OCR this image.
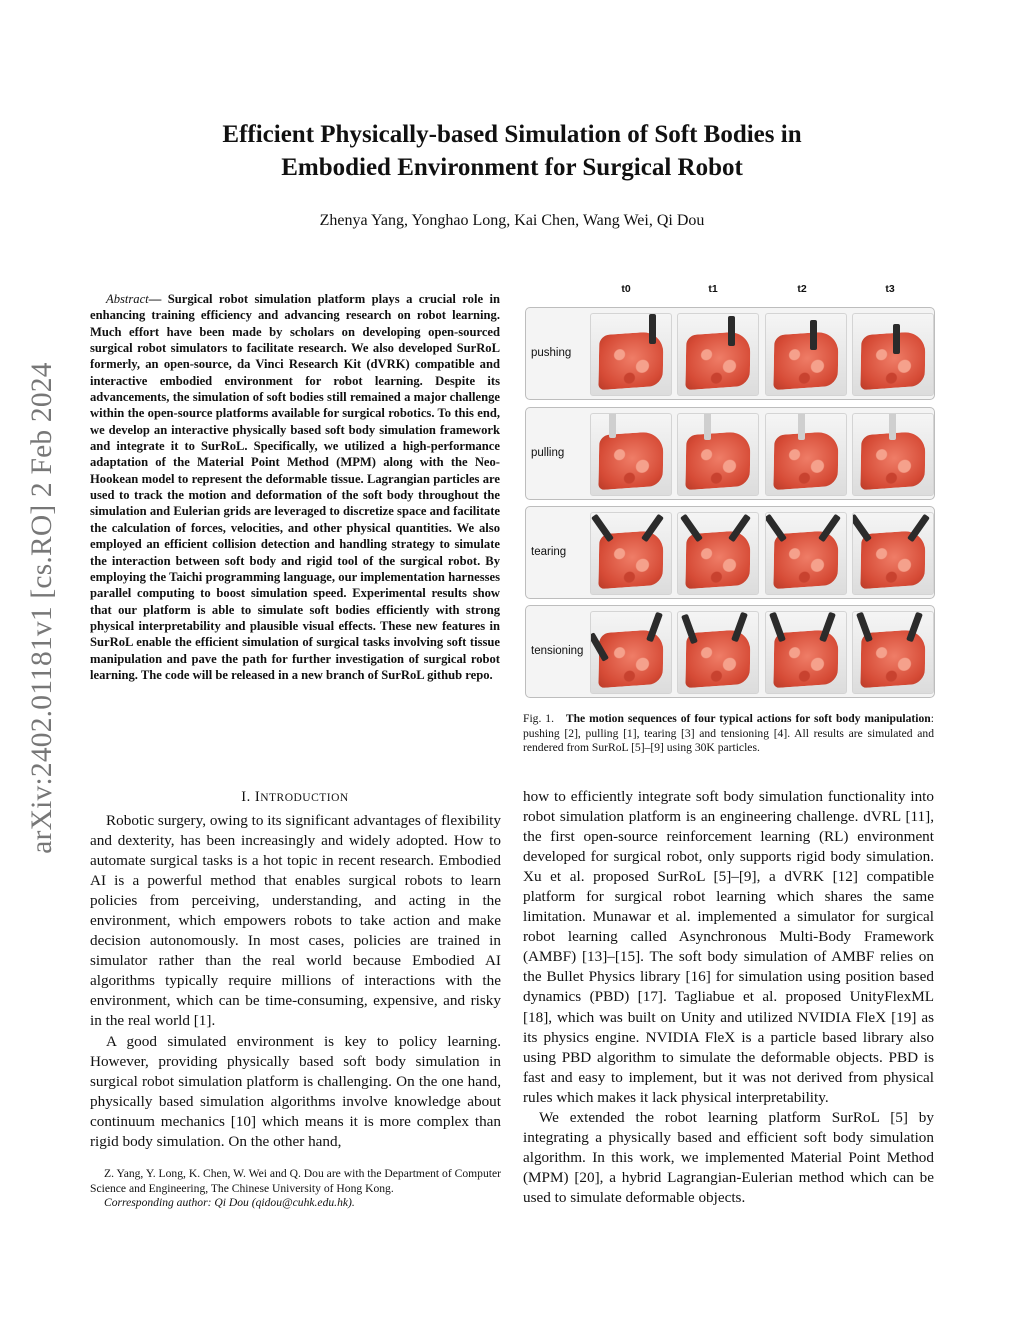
arXiv:2402.01181v1 [cs.RO] 2 Feb 2024
Efficient Physically-based Simulation of Soft Bodies in
Embodied Environment for Surgical Robot
Zhenya Yang, Yonghao Long, Kai Chen, Wang Wei, Qi Dou
Abstract— Surgical robot simulation platform plays a crucial role in enhancing training efficiency and advancing research on robot learning. Much effort have been made by scholars on developing open-sourced surgical robot simulators to facilitate research. We also developed SurRoL formerly, an open-source, da Vinci Research Kit (dVRK) compatible and interactive embodied environment for robot learning. Despite its advancements, the simulation of soft bodies still remained a major challenge within the open-source platforms available for surgical robotics. To this end, we develop an interactive physically based soft body simulation framework and integrate it to SurRoL. Specifically, we utilized a high-performance adaptation of the Material Point Method (MPM) along with the Neo-Hookean model to represent the deformable tissue. Lagrangian particles are used to track the motion and deformation of the soft body throughout the simulation and Eulerian grids are leveraged to discretize space and facilitate the calculation of forces, velocities, and other physical quantities. We also employed an efficient collision detection and handling strategy to simulate the interaction between soft body and rigid tool of the surgical robot. By employing the Taichi programming language, our implementation harnesses parallel computing to boost simulation speed. Experimental results show that our platform is able to simulate soft bodies efficiently with strong physical interpretability and plausible visual effects. These new features in SurRoL enable the efficient simulation of surgical tasks involving soft tissue manipulation and pave the path for further investigation of surgical robot learning. The code will be released in a new branch of SurRoL github repo.
I. INTRODUCTION

Robotic surgery, owing to its significant advantages of flexibility and dexterity, has been increasingly and widely adopted. How to automate surgical tasks is a hot topic in recent research. Embodied AI is a powerful method that enables surgical robots to learn policies from perceiving, understanding, and acting in the environment, which empowers robots to take action and make decision autonomously. In most cases, policies are trained in simulator rather than the real world because Embodied AI algorithms typically require millions of interactions with the environment, which can be time-consuming, expensive, and risky in the real world [1].

A good simulated environment is key to policy learning. However, providing physically based soft body simulation in surgical robot simulation platform is challenging. On the one hand, physically based simulation algorithms involve knowledge about continuum mechanics [10] which means it is more complex than rigid body simulation. On the other hand,

Z. Yang, Y. Long, K. Chen, W. Wei and Q. Dou are with the Department of Computer Science and Engineering, The Chinese University of Hong Kong.

Corresponding author: Qi Dou (qidou@cuhk.edu.hk).

t0	t1	t2	t3
pushing
pulling
tearing
tensioning
Fig. 1. The motion sequences of four typical actions for soft body manipulation: pushing [2], pulling [1], tearing [3] and tensioning [4]. All results are simulated and rendered from SurRoL [5]–[9] using 30K particles.

how to efficiently integrate soft body simulation functionality into robot simulation platform is an engineering challenge. dVRL [11], the first open-source reinforcement learning (RL) environment developed for surgical robot, only supports rigid body simulation. Xu et al. proposed SurRoL [5]–[9], a dVRK [12] compatible platform for surgical robot learning which shares the same limitation. Munawar et al. implemented a simulator for surgical robot learning called Asynchronous Multi-Body Framework (AMBF) [13]–[15]. The soft body simulation of AMBF relies on the Bullet Physics library [16] for simulation using position based dynamics (PBD) [17]. Tagliabue et al. proposed UnityFlexML [18], which was built on Unity and utilized NVIDIA FleX [19] as its physics engine. NVIDIA FleX is a particle based library also using PBD algorithm to simulate the deformable objects. PBD is fast and easy to implement, but it was not derived from physical rules which makes it lack physical interpretability.

We extended the robot learning platform SurRoL [5] by integrating a physically based and efficient soft body simulation algorithm. In this work, we implemented Material Point Method (MPM) [20], a hybrid Lagrangian-Eulerian method which can be used to simulate deformable objects.
